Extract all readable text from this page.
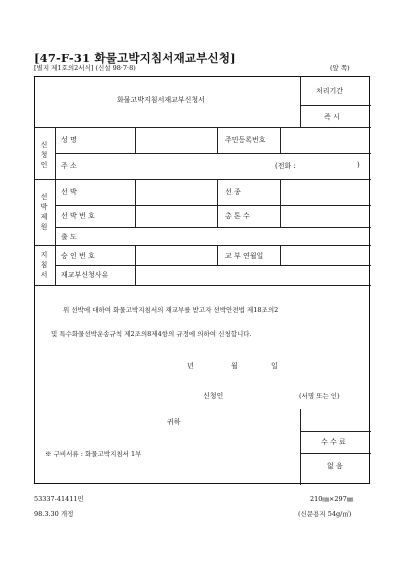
[47-F-31 화물고박지침서재교부신청]
[별지 제1호의2서식] (신설 98·7·8)	(앞 쪽)
화물고박지침서재교부신청서
처리기간
즉 시
신청인
성 명	주민등록번호
주 소	(전화 :	)
선박제원
선 박	선 종
선 박 번 호	총 톤 수
출 도
지침서 승 인 번 호	교 부 연월일
재교부신청사유
위 선박에 대하여 화물고박지침서의 재교부를 받고자 선박안전법 제18조의2
및 특수화물선박운송규칙 제2조의8제4항의 규정에 의하여 신청합니다.
년	월	일
신청인	(서명 또는 인)
귀하
※ 구비서류 : 화물고박지침서 1부
수 수 료
없 음
53337-41411민
98.3.30 개정
210㎜×297㎜
(신문용지 54g/㎡)
